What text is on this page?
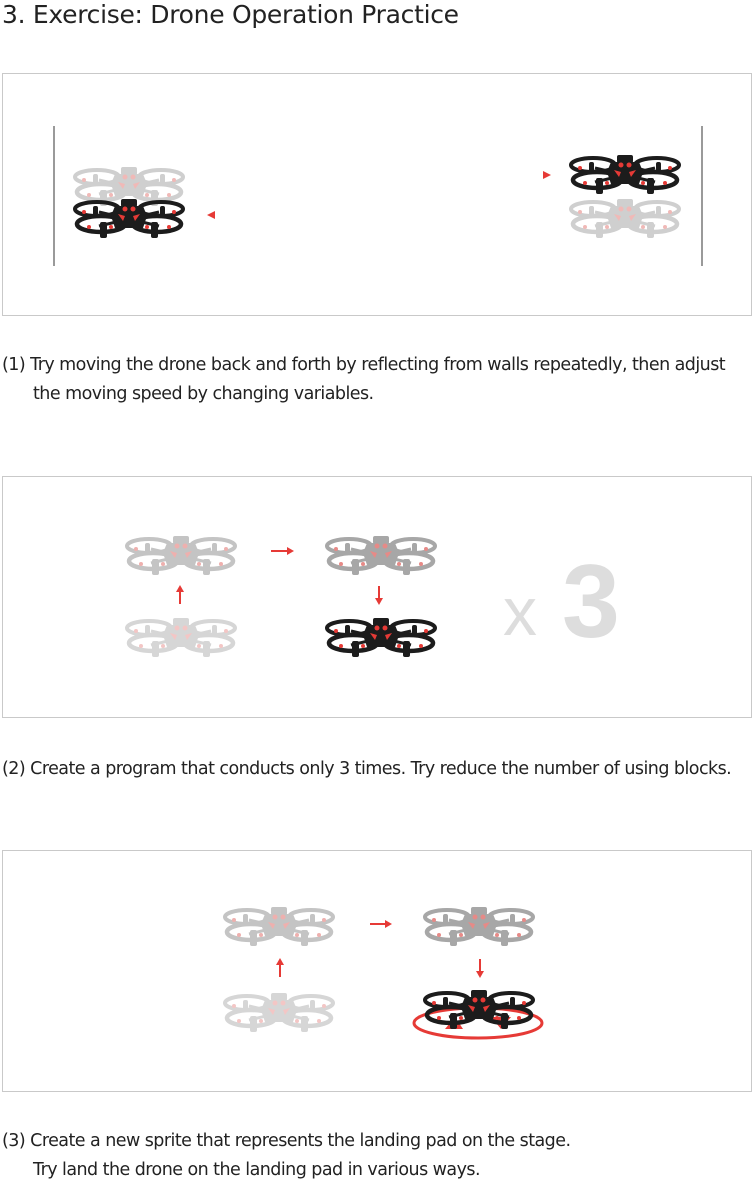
3. Exercise: Drone Operation Practice
(1) Try moving the drone back and forth by reflecting from walls repeatedly, then adjust
the moving speed by changing variables.
x 3
(2) Create a program that conducts only 3 times. Try reduce the number of using blocks.
(3) Create a new sprite that represents the landing pad on the stage.
Try land the drone on the landing pad in various ways.
